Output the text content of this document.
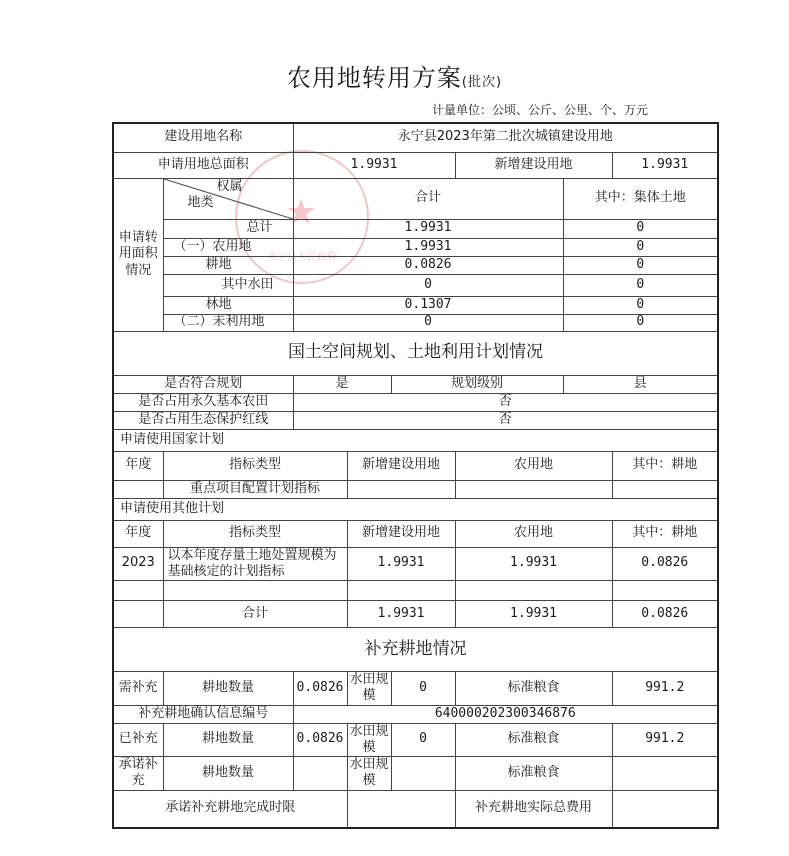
农用地转用方案(批次)
计量单位：公顷、公斤、公里、个、万元
★
永宁县人民政府
建设用地名称		永宁县2023年第二批次城镇建设用地					
申请用地总面积		1.9931			新增建设用地		1.9931
申请转用面积情况	权属
地类	合计				其中：集体土地	
	总计	1.9931				0	
	（一）农用地	1.9931				0	
	耕地	0.0826				0	
	其中水田	0				0	
	林地	0.1307				0	
	（二）未利用地	0				0	
国土空间规划、土地利用计划情况							
是否符合规划		是		规划级别		县	
是否占用永久基本农田		否					
是否占用生态保护红线		否					
申请使用国家计划							
年度	指标类型		新增建设用地		农用地		其中：耕地
	重点项目配置计划指标						
申请使用其他计划							
年度	指标类型		新增建设用地		农用地		其中：耕地
2023	以本年度存量土地处置规模为基础核定的计划指标		1.9931		1.9931		0.0826

	合计		1.9931		1.9931		0.0826
补充耕地情况							
需补充	耕地数量	0.0826	水田规模	0	标准粮食		991.2
补充耕地确认信息编号		640000202300346876					
已补充	耕地数量	0.0826	水田规模	0	标准粮食		991.2
承诺补充	耕地数量		水田规模		标准粮食		
承诺补充耕地完成时限					补充耕地实际总费用		
